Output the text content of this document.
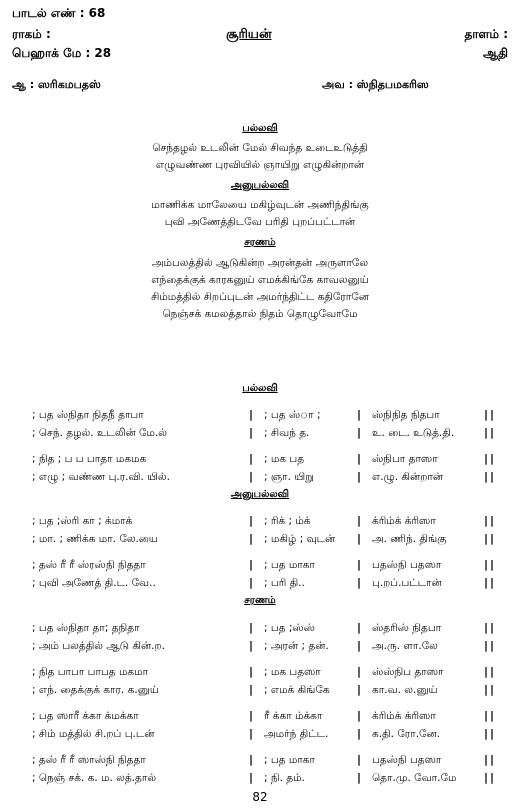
பாடல் எண் : 68
ராகம் :	சூரியன்	தாளம் :
பெஹாக் மே : 28	ஆதி
ஆ : ஸரிகமபதஸ்	அவ : ஸ்நிதபமகரிஸ
பல்லவி
செந்தழல் உடலின் மேல் சிவந்த உடைஉடுத்தி
எழுவண்ண புரவியில் ஞாயிறு எழுகின்றான்
அனுபல்லவி
மாணிக்க மாலேயை மகிழ்வுடன் அணிந்திங்கு
புவி அணேத்திடவே பரிதி புறப்பட்டான்
சரணம்
அம்பலத்தில் ஆடுகின்ற அரன்தன் அருளாலே
எந்தைக்குக் காரகனுய் எமக்கிங்கே காவலனுய்
சிம்மத்தில் சிறப்புடன் அமர்ந்திட்ட கதிரோனே
நெஞ்சக் கமலத்தால் நிதம் தொழுவோமே
பல்லவி
அனுபல்லவி
சரணம்
; பத ஸ்நிதா நிதநீ தாபா	; பத ஸ்ா ;	ஸ்நிநித நிதபா
|	|	| |
; செந். தழல். உடலின் மே.ல்	; சிவந் த.	உ. டை. உடுத்.தி.
|	|	| |
; நித ; ப ப பாதா மகமக	; மக பத	ஸ்நிபா தாஸா
|	|	| |
; எழு ; வண்ண பு.ர.வி. யில்.	; ஞா. யிறு	எ.ழு. கின்றான்
|	|	| |
; பத ;ஸ்ரி கா ; க்மாக்	; ரிக் ; ம்க்	க்ரிம்க் க்ரிஸா
|	|	| |
; மா. ; ணிக்க மா. லே.யை	; மகிழ் ; வுடன்	அ. ணிந். திங்கு
|	|	| |
; தஸ் ரீ ரீ ஸ்ரஸ்நி நிததா	; பத மாகா	பதஸ்நி பதஸா
|	|	| |
; புவி அணேத் தி.ட. வே..	; பரி தி..	பு.றப்.பட்டான்
|	|	| |
; பத ஸ்நிதா தா; தநிதா	; பத ;ஸ்ஸ்	ஸ்தரிஸ் நிதபா
|	|	| |
; அம் பலத்தில் ஆடு கின்.ற.	; அரன் ; தன்.	அ.ரு. ளா.லே
|	|	| |
; நித பாபா பாபத மகமா	; மக பதஸா	ஸ்ஸ்நிப தாஸா
|	|	| |
; எந். தைக்குக் கார. க.னுய்	; எமக் கிங்கே	கா.வ. ல.னுய்
|	|	| |
; பத ஸாரீ க்கா க்மக்கா	ரீ க்கா ம்க்கா	க்ரிம்க் க்ரிஸா
|	|	| |
; சிம் மத்தில் சி.றப் பு.டன்	அமர்ந் திட்ட.	க.தி. ரோ.னே.
|	|	| |
; தஸ் ரீ ரீ ஸாஸ்நி நிததா	; பத மாகா	பதஸ்நி பதஸா
|	|	| |
; நெஞ் சக். க. ம. லத்.தால்	; நி. தம்.	தொ.மு. வோ.மே
|	|	| |
82
